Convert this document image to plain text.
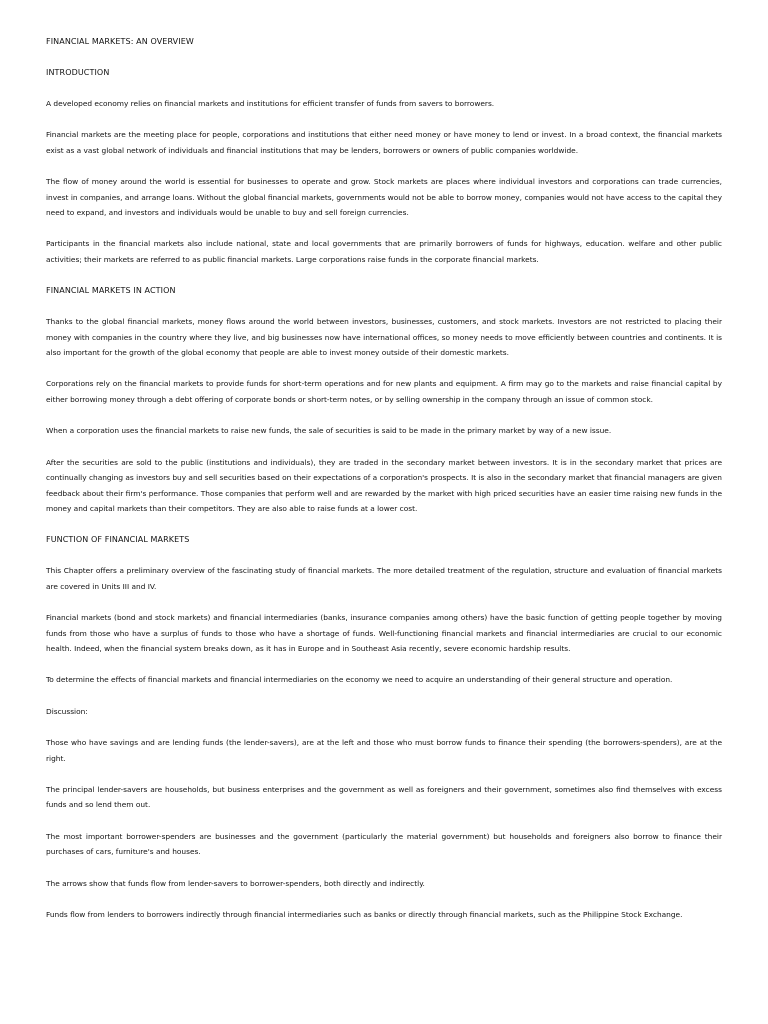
FINANCIAL MARKETS: AN OVERVIEW
INTRODUCTION

A developed economy relies on financial markets and institutions for efficient transfer of funds from savers to borrowers.

Financial markets are the meeting place for people, corporations and institutions that either need money or have money to lend or invest. In a broad context, the financial markets exist as a vast global network of individuals and financial institutions that may be lenders, borrowers or owners of public companies worldwide.

The flow of money around the world is essential for businesses to operate and grow. Stock markets are places where individual investors and corporations can trade currencies, invest in companies, and arrange loans. Without the global financial markets, governments would not be able to borrow money, companies would not have access to the capital they need to expand, and investors and individuals would be unable to buy and sell foreign currencies.

Participants in the financial markets also include national, state and local governments that are primarily borrowers of funds for highways, education. welfare and other public activities; their markets are referred to as public financial markets. Large corporations raise funds in the corporate financial markets.

FINANCIAL MARKETS IN ACTION

Thanks to the global financial markets, money flows around the world between investors, businesses, customers, and stock markets. Investors are not restricted to placing their money with companies in the country where they live, and big businesses now have international offices, so money needs to move efficiently between countries and continents. It is also important for the growth of the global economy that people are able to invest money outside of their domestic markets.

Corporations rely on the financial markets to provide funds for short-term operations and for new plants and equipment. A firm may go to the markets and raise financial capital by either borrowing money through a debt offering of corporate bonds or short-term notes, or by selling ownership in the company through an issue of common stock.

When a corporation uses the financial markets to raise new funds, the sale of securities is said to be made in the primary market by way of a new issue.

After the securities are sold to the public (institutions and individuals), they are traded in the secondary market between investors. It is in the secondary market that prices are continually changing as investors buy and sell securities based on their expectations of a corporation's prospects. It is also in the secondary market that financial managers are given feedback about their firm's performance. Those companies that perform well and are rewarded by the market with high priced securities have an easier time raising new funds in the money and capital markets than their competitors. They are also able to raise funds at a lower cost.

FUNCTION OF FINANCIAL MARKETS

This Chapter offers a preliminary overview of the fascinating study of financial markets. The more detailed treatment of the regulation, structure and evaluation of financial markets are covered in Units III and IV.

Financial markets (bond and stock markets) and financial intermediaries (banks, insurance companies among others) have the basic function of getting people together by moving funds from those who have a surplus of funds to those who have a shortage of funds. Well-functioning financial markets and financial intermediaries are crucial to our economic health. Indeed, when the financial system breaks down, as it has in Europe and in Southeast Asia recently, severe economic hardship results.

To determine the effects of financial markets and financial intermediaries on the economy we need to acquire an understanding of their general structure and operation.

Discussion:

Those who have savings and are lending funds (the lender-savers), are at the left and those who must borrow funds to finance their spending (the borrowers-spenders), are at the right.

The principal lender-savers are households, but business enterprises and the government as well as foreigners and their government, sometimes also find themselves with excess funds and so lend them out.

The most important borrower-spenders are businesses and the government (particularly the material government) but households and foreigners also borrow to finance their purchases of cars, furniture's and houses.

The arrows show that funds flow from lender-savers to borrower-spenders, both directly and indirectly.

Funds flow from lenders to borrowers indirectly through financial intermediaries such as banks or directly through financial markets, such as the Philippine Stock Exchange.
